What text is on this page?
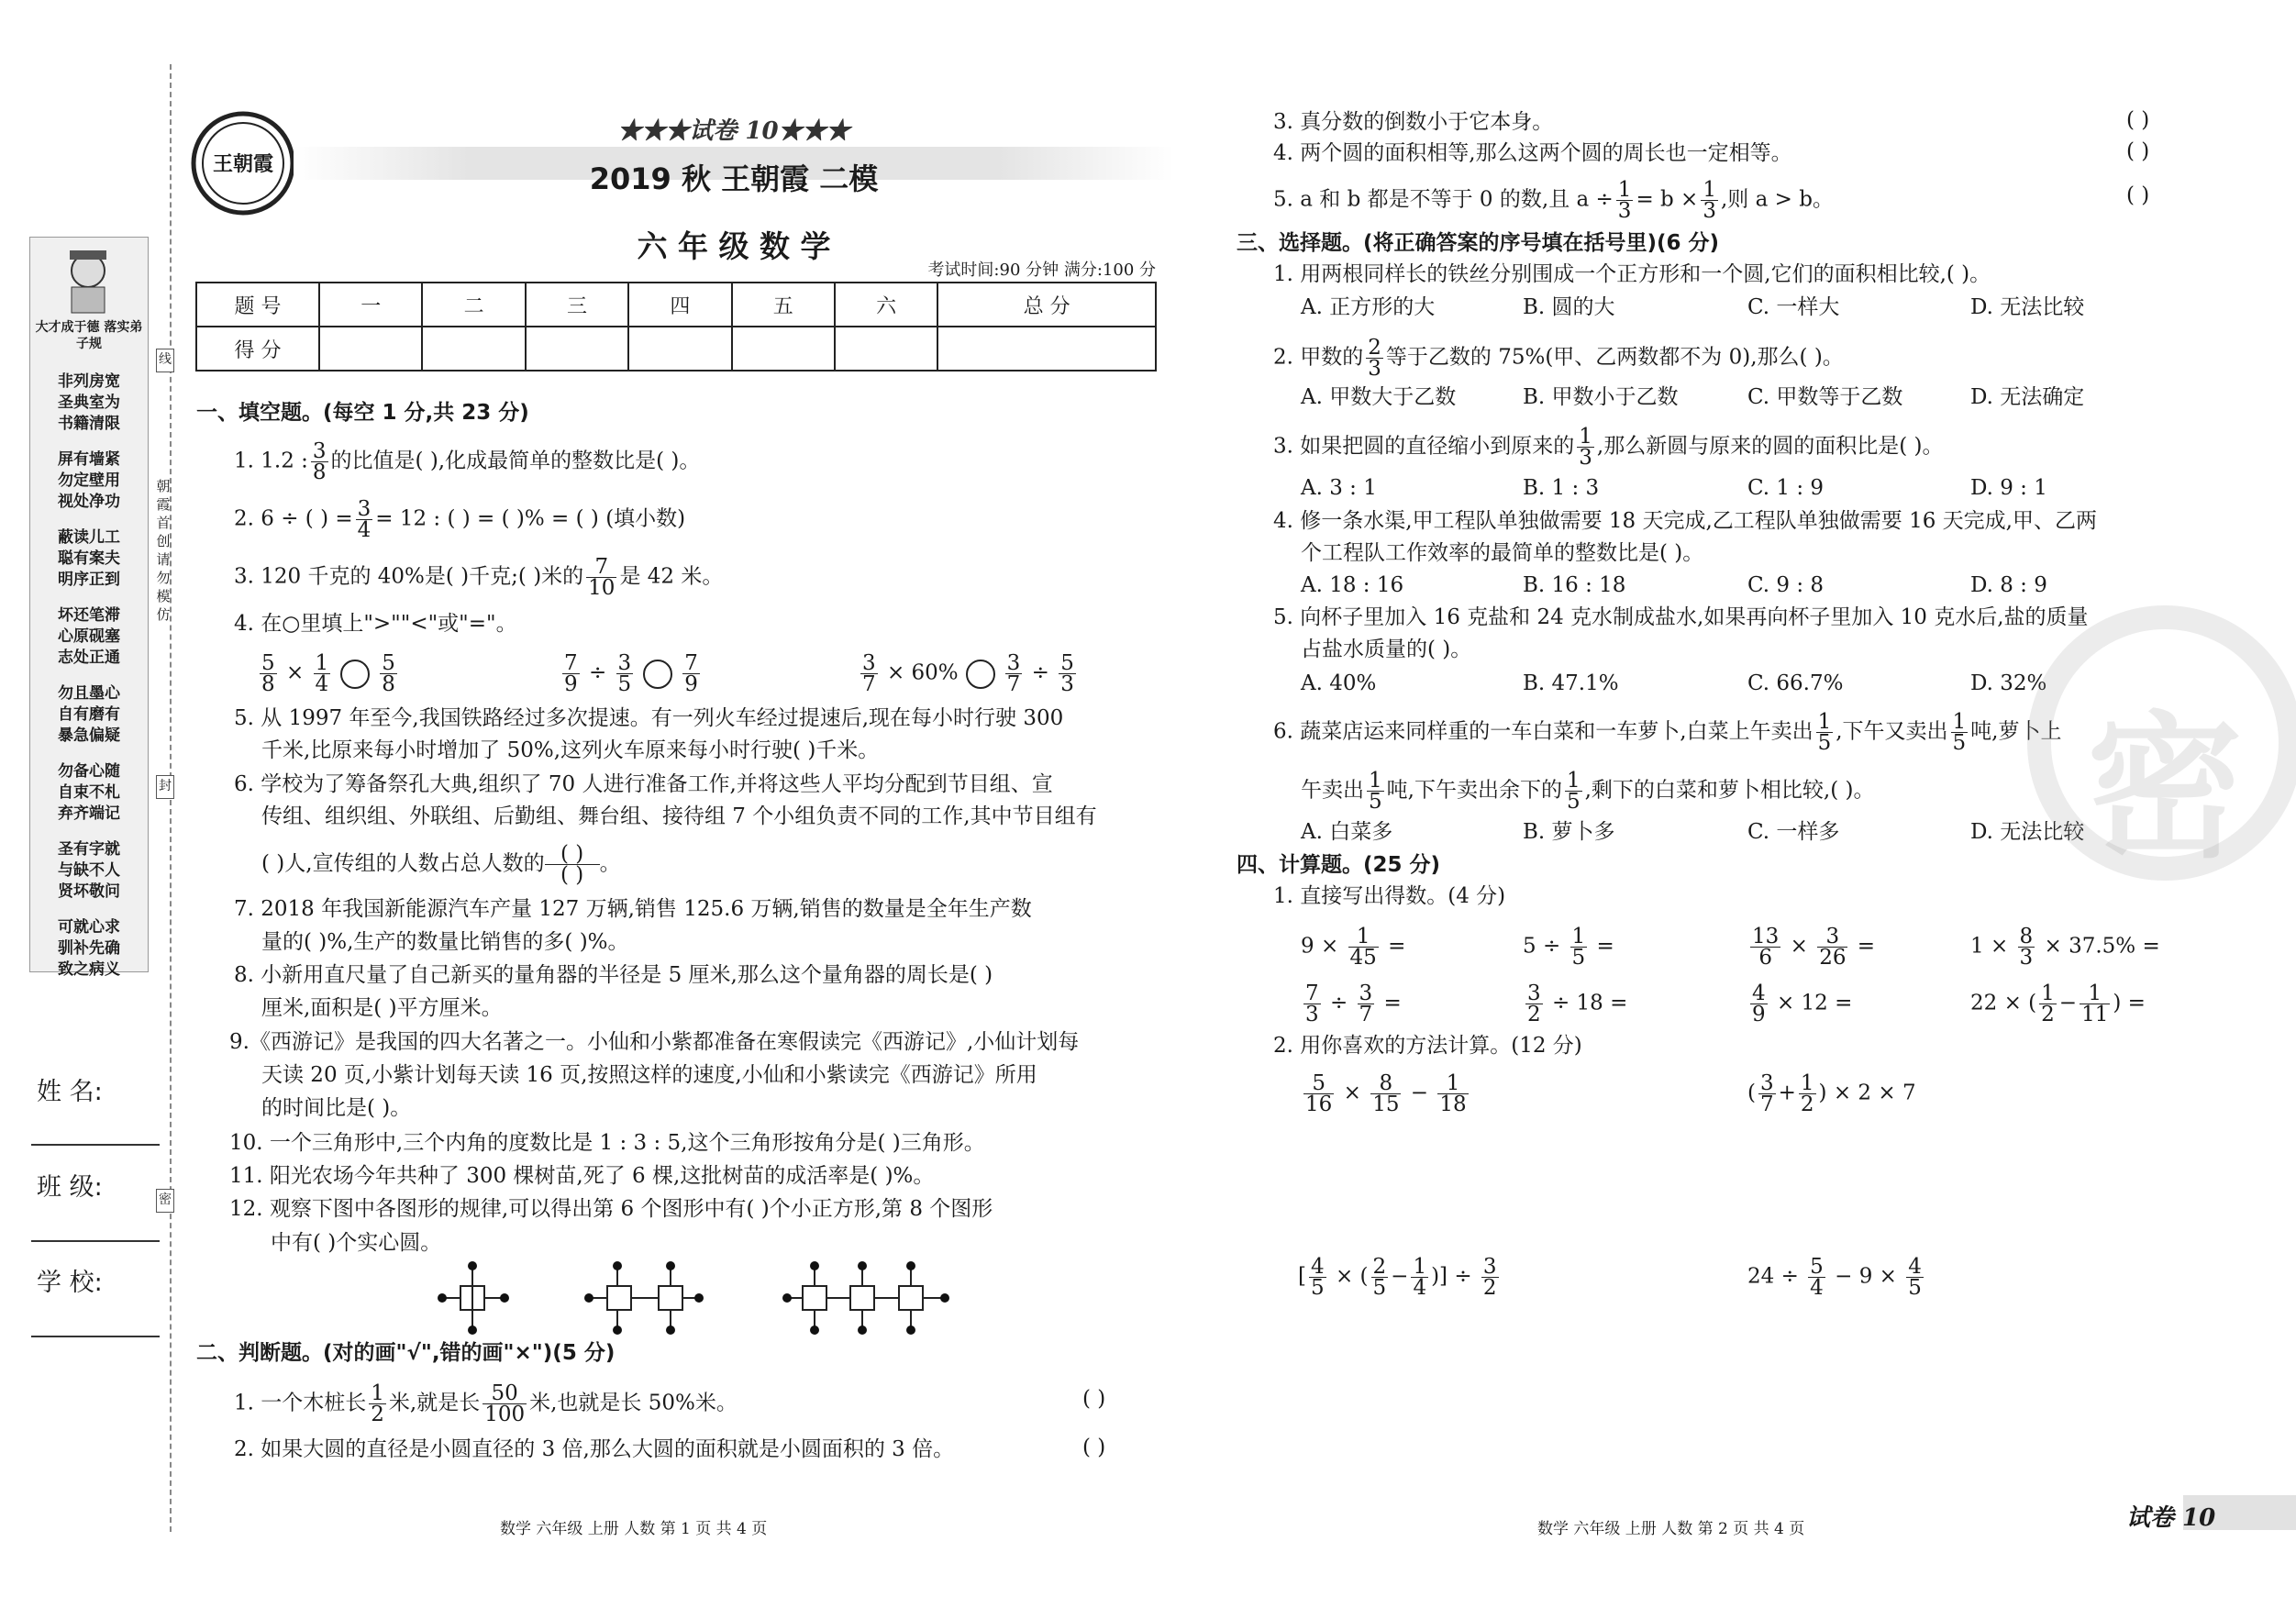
大才成于德 落实弟子规
非列房宽
圣典室为
书籍清限
屏有墙紧
勿定壁用
视处净功
蔽读儿工
聪有案夫
明序正到
坏还笔滞
心原砚塞
志处正通
勿且墨心
自有磨有
暴急偏疑
勿备心随
自束不札
弃齐端记
圣有字就
与缺不人
贤坏敬问
可就心求
驯补先确
致之病义
朝
霞
首
创
请
勿
模
仿
线
封
密
姓 名:
班 级:
学 校:
王朝霞
★★★试卷 10★★★
2019 秋 王朝霞 二模
六 年 级 数 学
考试时间:90 分钟 满分:100 分
题 号	一	二	三	四	五	六	总 分
得 分							
一、填空题。(每空 1 分,共 23 分)
1. 1.2 : $\frac{3}{8}$ 的比值是( ),化成最简单的整数比是( )。
2. 6 ÷ ( ) = $\frac{3}{4} = 12$ : ( ) = ( )% = ( ) (填小数)
3. 120 千克的 40%是( )千克;( )米的 $\frac{7}{10}$ 是 42 米。
4. 在○里填上">""<"或"="。
$\frac{5}{8} \times \frac{1}{4} \frac{5}{8}$	$\frac{7}{9} \div \frac{3}{5} \frac{7}{9}$	$\frac{3}{7} \times 60\% \frac{3}{7} \div \frac{5}{3}$
5. 从 1997 年至今,我国铁路经过多次提速。有一列火车经过提速后,现在每小时行驶 300
千米,比原来每小时增加了 50%,这列火车原来每小时行驶( )千米。
6. 学校为了筹备祭孔大典,组织了 70 人进行准备工作,并将这些人平均分配到节目组、宣
传组、组织组、外联组、后勤组、舞台组、接待组 7 个小组负责不同的工作,其中节目组有
( )人,宣传组的人数占总人数的 ( )
( ) 。
7. 2018 年我国新能源汽车产量 127 万辆,销售 125.6 万辆,销售的数量是全年生产数
量的( )%,生产的数量比销售的多( )%。
8. 小新用直尺量了自己新买的量角器的半径是 5 厘米,那么这个量角器的周长是( )
厘米,面积是( )平方厘米。
9.《西游记》是我国的四大名著之一。小仙和小紫都准备在寒假读完《西游记》,小仙计划每
天读 20 页,小紫计划每天读 16 页,按照这样的速度,小仙和小紫读完《西游记》所用
的时间比是( )。
10. 一个三角形中,三个内角的度数比是 1 : 3 : 5,这个三角形按角分是( )三角形。
11. 阳光农场今年共种了 300 棵树苗,死了 6 棵,这批树苗的成活率是( )%。
12. 观察下图中各图形的规律,可以得出第 6 个图形中有( )个小正方形,第 8 个图形
中有( )个实心圆。
二、判断题。(对的画"√",错的画"×")(5 分)
1. 一个木桩长 $\frac{1}{2}$ 米,就是长 $\frac{50}{100}$ 米,也就是长 50%米。	( )
2. 如果大圆的直径是小圆直径的 3 倍,那么大圆的面积就是小圆面积的 3 倍。	( )
3. 真分数的倒数小于它本身。	( )
4. 两个圆的面积相等,那么这两个圆的周长也一定相等。	( )
5. a 和 b 都是不等于 0 的数,且 $a \div \frac{1}{3} = b \times \frac{1}{3}$ ,则 a > b。	( )
三、选择题。(将正确答案的序号填在括号里)(6 分)
1. 用两根同样长的铁丝分别围成一个正方形和一个圆,它们的面积相比较,( )。
A. 正方形的大	B. 圆的大	C. 一样大	D. 无法比较
2. 甲数的 $\frac{2}{3}$ 等于乙数的 75%(甲、乙两数都不为 0),那么( )。
A. 甲数大于乙数	B. 甲数小于乙数	C. 甲数等于乙数	D. 无法确定
3. 如果把圆的直径缩小到原来的 $\frac{1}{3}$ ,那么新圆与原来的圆的面积比是( )。
A. 3 : 1	B. 1 : 3	C. 1 : 9	D. 9 : 1
4. 修一条水渠,甲工程队单独做需要 18 天完成,乙工程队单独做需要 16 天完成,甲、乙两
个工程队工作效率的最简单的整数比是( )。
A. 18 : 16	B. 16 : 18	C. 9 : 8	D. 8 : 9
5. 向杯子里加入 16 克盐和 24 克水制成盐水,如果再向杯子里加入 10 克水后,盐的质量
占盐水质量的( )。
A. 40%	B. 47.1%	C. 66.7%	D. 32%
6. 蔬菜店运来同样重的一车白菜和一车萝卜,白菜上午卖出 $\frac{1}{5}$ ,下午又卖出 $\frac{1}{5}$ 吨,萝卜上
午卖出 $\frac{1}{5}$ 吨,下午卖出余下的 $\frac{1}{5}$ ,剩下的白菜和萝卜相比较,( )。
A. 白菜多	B. 萝卜多	C. 一样多	D. 无法比较
四、计算题。(25 分)
1. 直接写出得数。(4 分)
$9 \times \frac{1}{45}$ =	$5 \div \frac{1}{5}$ =	$\frac{13}{6} \times \frac{3}{26}$ =	$1 \times \frac{8}{3} \times 37.5\%$ =
$\frac{7}{3} \div \frac{3}{7}$ =	$\frac{3}{2} \div 18$ =	$\frac{4}{9} \times 12$ =	22 × ( $\frac{1}{2} - \frac{1}{11}$ ) =
2. 用你喜欢的方法计算。(12 分)
$\frac{5}{16} \times \frac{8}{15} - \frac{1}{18}$	( $\frac{3}{7} + \frac{1}{2}$ ) × 2 × 7
[ $\frac{4}{5}$ × ( $\frac{2}{5} - \frac{1}{4}$ )] ÷ $\frac{3}{2}$	$24 \div \frac{5}{4} - 9 \times \frac{4}{5}$
密
数学 六年级 上册 人数 第 1 页 共 4 页	数学 六年级 上册 人数 第 2 页 共 4 页	试卷 10
